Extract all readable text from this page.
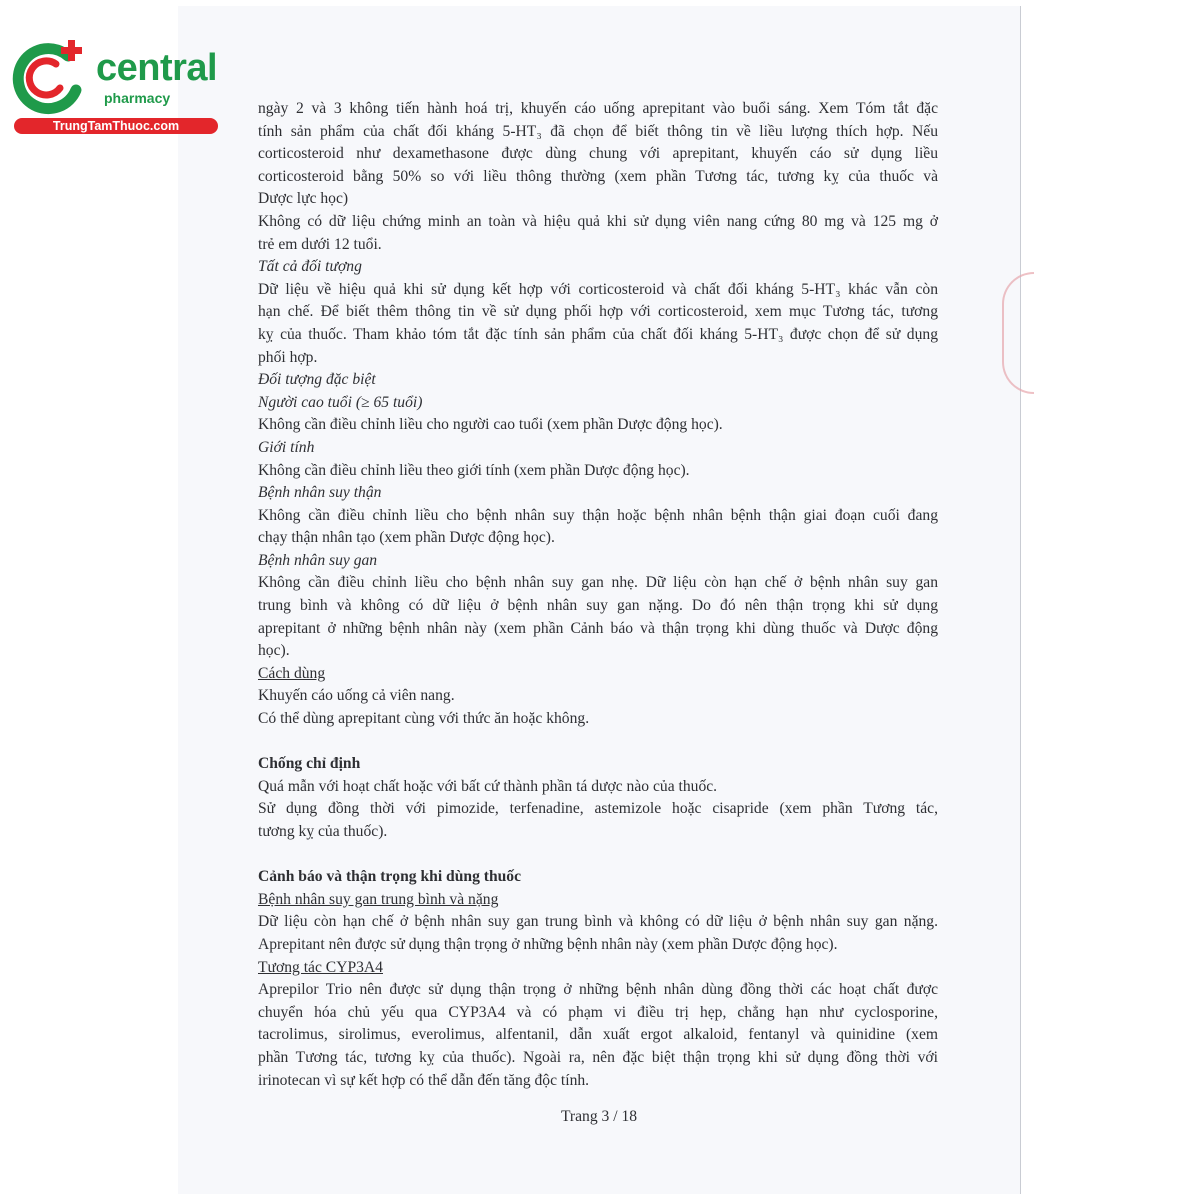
central
pharmacy
TrungTamThuoc.com
ngày 2 và 3 không tiến hành hoá trị, khuyến cáo uống aprepitant vào buổi sáng. Xem Tóm tắt đặc
tính sản phẩm của chất đối kháng 5-HT₃ đã chọn để biết thông tin về liều lượng thích hợp. Nếu
corticosteroid như dexamethasone được dùng chung với aprepitant, khuyến cáo sử dụng liều
corticosteroid bằng 50% so với liều thông thường (xem phần Tương tác, tương kỵ của thuốc và
Dược lực học)
Không có dữ liệu chứng minh an toàn và hiệu quả khi sử dụng viên nang cứng 80 mg và 125 mg ở
trẻ em dưới 12 tuổi.
Tất cả đối tượng
Dữ liệu về hiệu quả khi sử dụng kết hợp với corticosteroid và chất đối kháng 5-HT₃ khác vẫn còn
hạn chế. Để biết thêm thông tin về sử dụng phối hợp với corticosteroid, xem mục Tương tác, tương
kỵ của thuốc. Tham khảo tóm tắt đặc tính sản phẩm của chất đối kháng 5-HT₃ được chọn để sử dụng
phối hợp.
Đối tượng đặc biệt
Người cao tuổi (≥ 65 tuổi)
Không cần điều chỉnh liều cho người cao tuổi (xem phần Dược động học).
Giới tính
Không cần điều chỉnh liều theo giới tính (xem phần Dược động học).
Bệnh nhân suy thận
Không cần điều chỉnh liều cho bệnh nhân suy thận hoặc bệnh nhân bệnh thận giai đoạn cuối đang
chạy thận nhân tạo (xem phần Dược động học).
Bệnh nhân suy gan
Không cần điều chỉnh liều cho bệnh nhân suy gan nhẹ. Dữ liệu còn hạn chế ở bệnh nhân suy gan
trung bình và không có dữ liệu ở bệnh nhân suy gan nặng. Do đó nên thận trọng khi sử dụng
aprepitant ở những bệnh nhân này (xem phần Cảnh báo và thận trọng khi dùng thuốc và Dược động
học).
Cách dùng
Khuyến cáo uống cả viên nang.
Có thể dùng aprepitant cùng với thức ăn hoặc không.
Chống chỉ định
Quá mẫn với hoạt chất hoặc với bất cứ thành phần tá dược nào của thuốc.
Sử dụng đồng thời với pimozide, terfenadine, astemizole hoặc cisapride (xem phần Tương tác,
tương kỵ của thuốc).
Cảnh báo và thận trọng khi dùng thuốc
Bệnh nhân suy gan trung bình và nặng
Dữ liệu còn hạn chế ở bệnh nhân suy gan trung bình và không có dữ liệu ở bệnh nhân suy gan nặng.
Aprepitant nên được sử dụng thận trọng ở những bệnh nhân này (xem phần Dược động học).
Tương tác CYP3A4
Aprepilor Trio nên được sử dụng thận trọng ở những bệnh nhân dùng đồng thời các hoạt chất được
chuyển hóa chủ yếu qua CYP3A4 và có phạm vi điều trị hẹp, chẳng hạn như cyclosporine,
tacrolimus, sirolimus, everolimus, alfentanil, dẫn xuất ergot alkaloid, fentanyl và quinidine (xem
phần Tương tác, tương kỵ của thuốc). Ngoài ra, nên đặc biệt thận trọng khi sử dụng đồng thời với
irinotecan vì sự kết hợp có thể dẫn đến tăng độc tính.
Trang 3 / 18
